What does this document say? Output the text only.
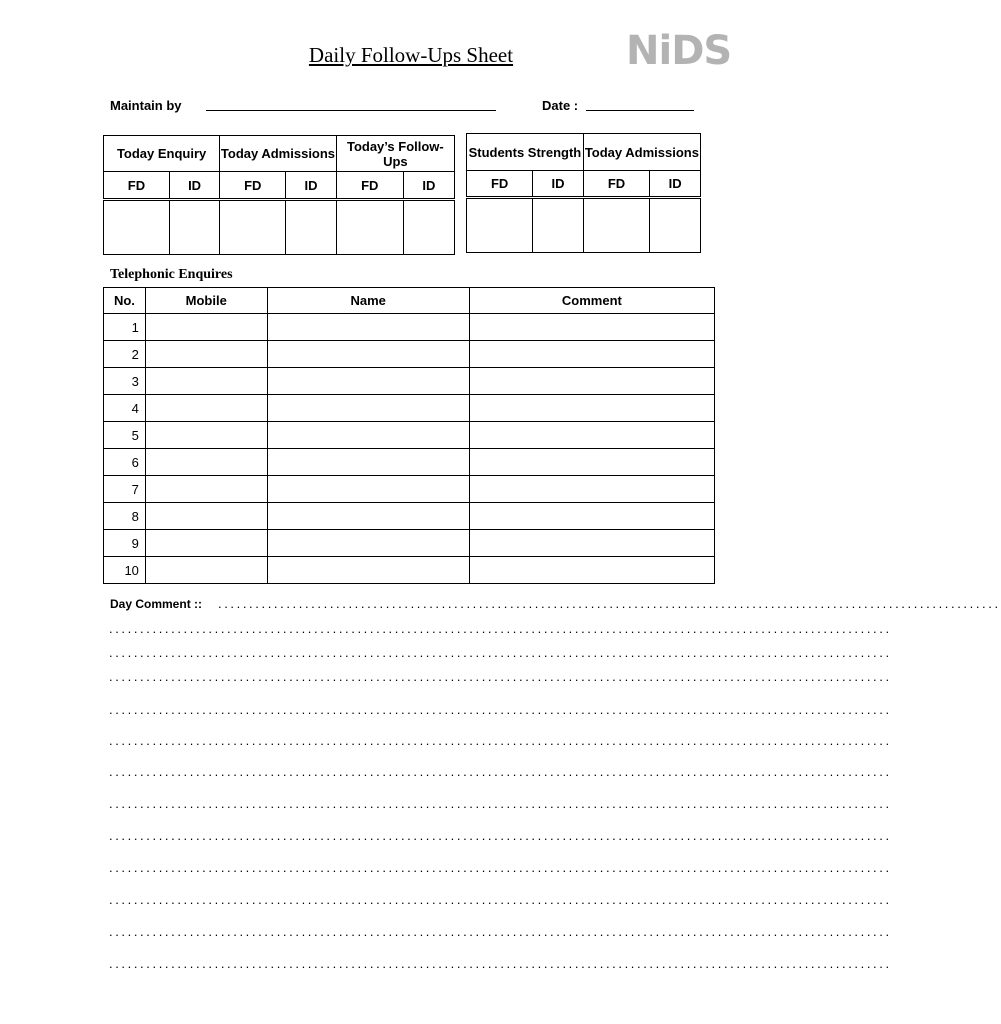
Daily Follow-Ups Sheet	NiDS
Maintain by	Date :
Today Enquiry		Today Admissions		Today’s Follow-Ups	
FD	ID	FD	ID	FD	ID

Students Strength		Today Admissions	
FD	ID	FD	ID

Telephonic Enquires
No.	Mobile	Name	Comment
1			
2			
3			
4			
5			
6			
7			
8			
9			
10			
Day Comment :: ..............................................................................................................................
..............................................................................................................................
..............................................................................................................................
..............................................................................................................................
..............................................................................................................................
..............................................................................................................................
..............................................................................................................................
..............................................................................................................................
..............................................................................................................................
..............................................................................................................................
..............................................................................................................................
..............................................................................................................................
..............................................................................................................................
